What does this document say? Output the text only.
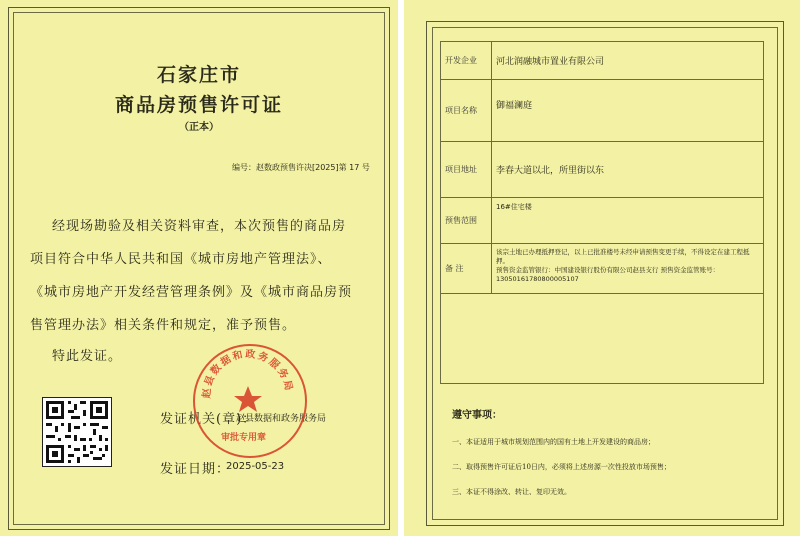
石家庄市
商品房预售许可证
（正本）
编号：赵数政预售许决[2025]第 17 号
经现场勘验及相关资料审查，本次预售的商品房
项目符合中华人民共和国《城市房地产管理法》、
《城市房地产开发经营管理条例》及《城市商品房预
售管理办法》相关条件和规定，准予预售。
特此发证。
发证机关(章)：
赵县数据和政务服务局
发证日期：
2025-05-23
赵县数据和政务服务局
审批专用章
开发企业	河北润融城市置业有限公司
项目名称	御福澜庭
项目地址	李春大道以北，所里街以东
预售范围	16#住宅楼
备 注	该宗土地已办理抵押登记，以上已批准楼号未经申请预售变更手续，不得设定在建工程抵押。
预售资金监管银行：中国建设银行股份有限公司赵县支行 预售资金监管账号：13050161780800005107

遵守事项：
一、本证适用于城市规划范围内的国有土地上开发建设的商品房；
二、取得预售许可证后10日内，必须将上述房源一次性投放市场预售；
三、本证不得涂改、转让、复印无效。
